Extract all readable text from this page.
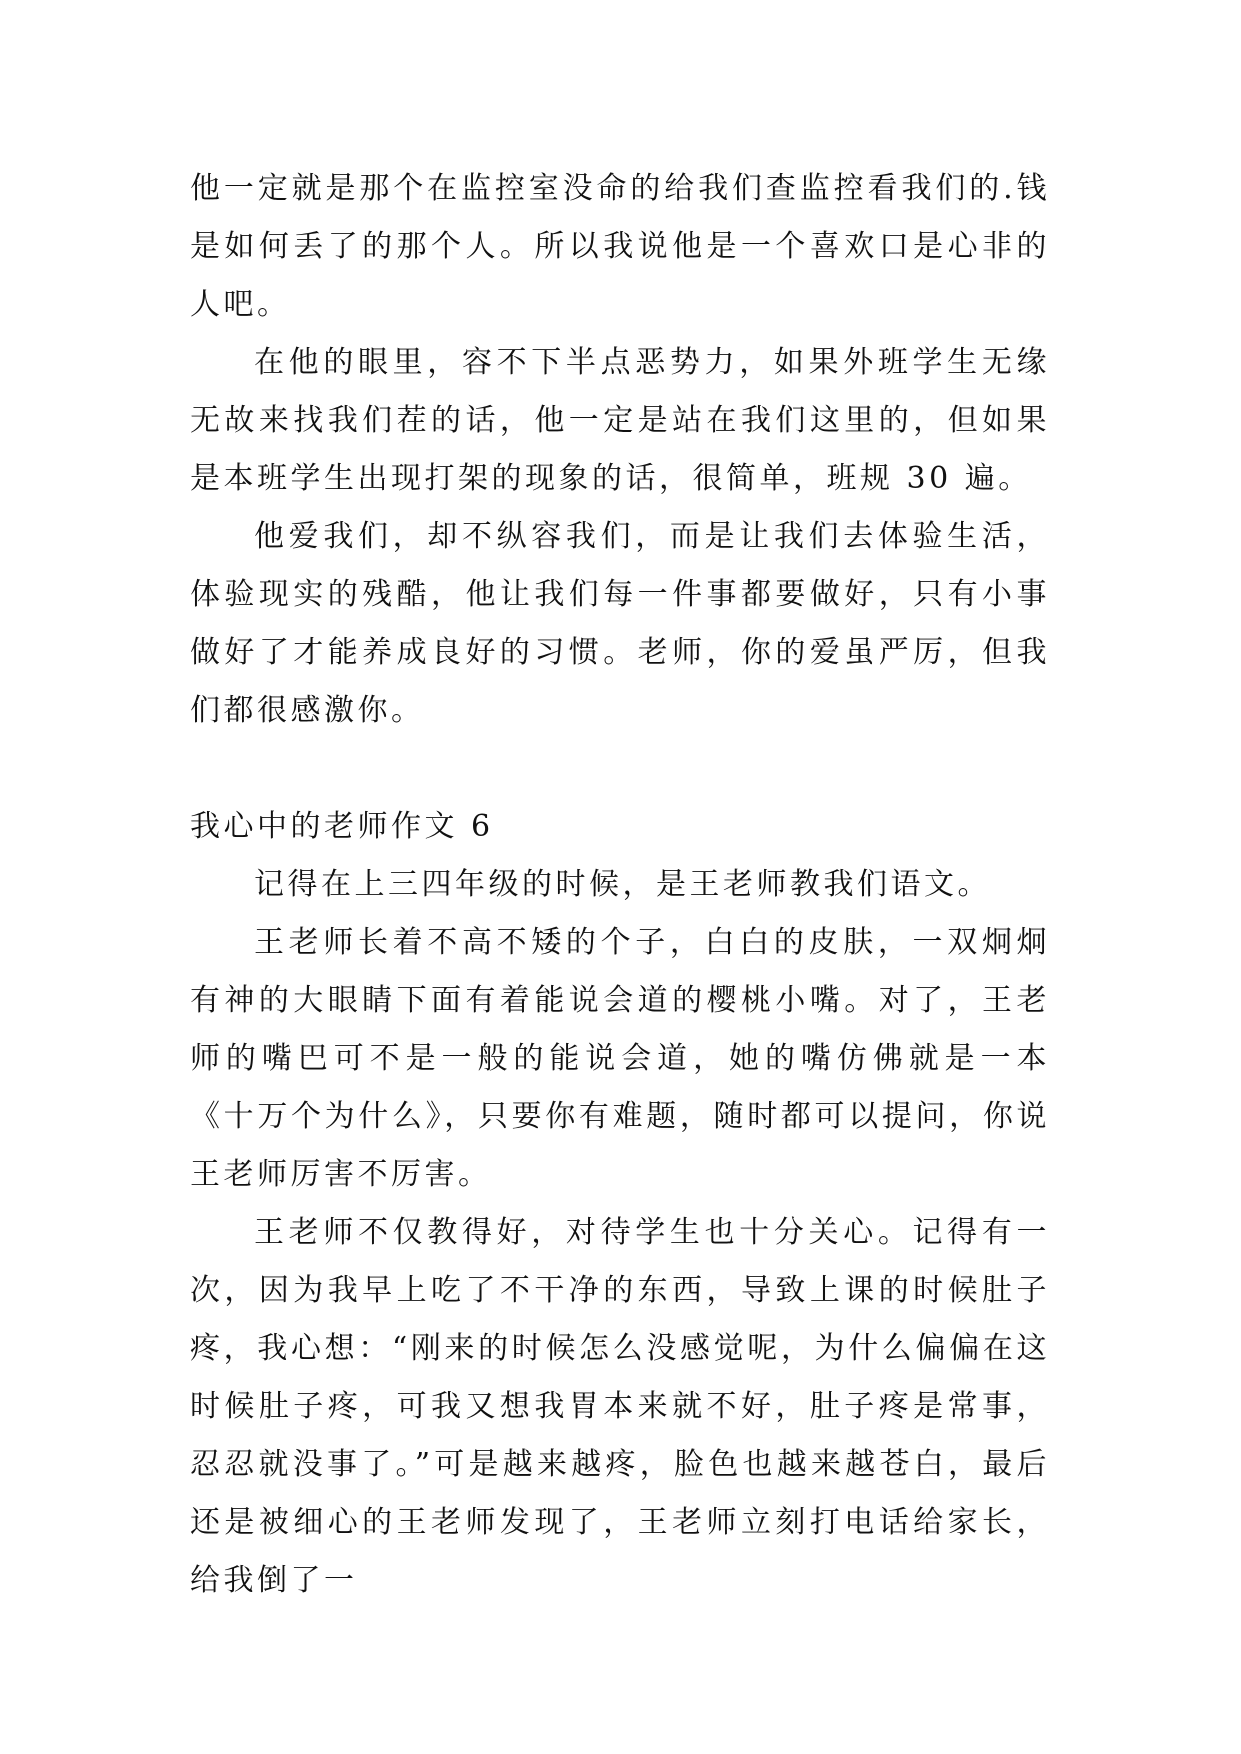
他一定就是那个在监控室没命的给我们查监控看我们的.钱是如何丢了的那个人。所以我说他是一个喜欢口是心非的人吧。

在他的眼里，容不下半点恶势力，如果外班学生无缘无故来找我们茬的话，他一定是站在我们这里的，但如果是本班学生出现打架的现象的话，很简单，班规 30 遍。

他爱我们，却不纵容我们，而是让我们去体验生活，体验现实的残酷，他让我们每一件事都要做好，只有小事做好了才能养成良好的习惯。老师，你的爱虽严厉，但我们都很感激你。

我心中的老师作文 6

记得在上三四年级的时候，是王老师教我们语文。

王老师长着不高不矮的个子，白白的皮肤，一双炯炯有神的大眼睛下面有着能说会道的樱桃小嘴。对了，王老师的嘴巴可不是一般的能说会道，她的嘴仿佛就是一本《十万个为什么》，只要你有难题，随时都可以提问，你说王老师厉害不厉害。

王老师不仅教得好，对待学生也十分关心。记得有一次，因为我早上吃了不干净的东西，导致上课的时候肚子疼，我心想：“刚来的时候怎么没感觉呢，为什么偏偏在这时候肚子疼，可我又想我胃本来就不好，肚子疼是常事，忍忍就没事了。”可是越来越疼，脸色也越来越苍白，最后还是被细心的王老师发现了，王老师立刻打电话给家长，给我倒了一
